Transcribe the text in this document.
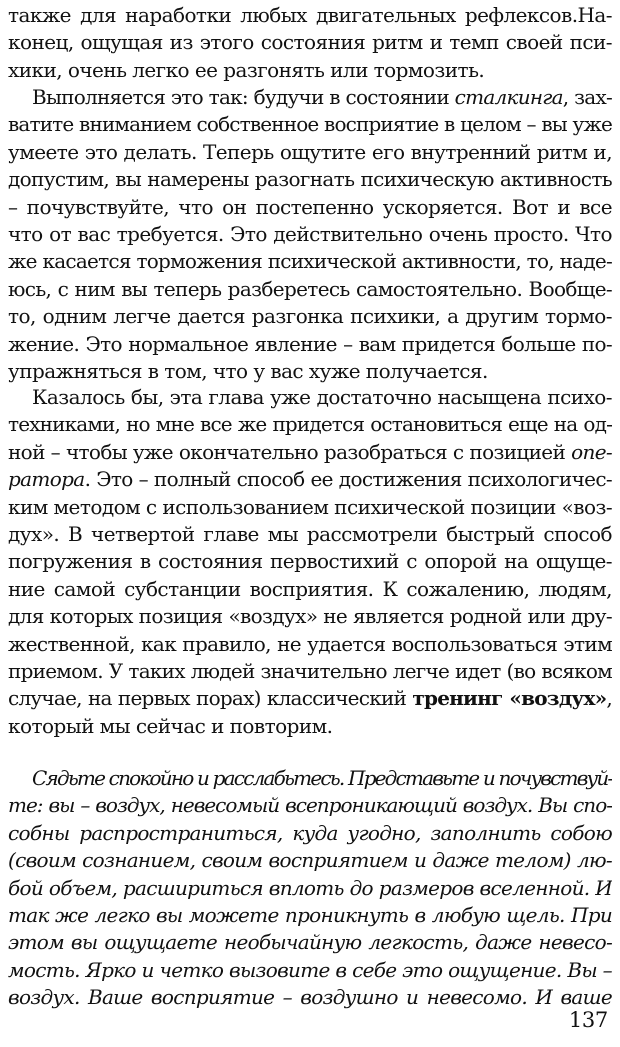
также для наработки любых двигательных рефлексов.На-
конец, ощущая из этого состояния ритм и темп своей пси-
хики, очень легко ее разгонять или тормозить.
Выполняется это так: будучи в состоянии сталкинга, зах-
ватите вниманием собственное восприятие в целом – вы уже
умеете это делать. Теперь ощутите его внутренний ритм и,
допустим, вы намерены разогнать психическую активность
– почувствуйте, что он постепенно ускоряется. Вот и все
что от вас требуется. Это действительно очень просто. Что
же касается торможения психической активности, то, наде-
юсь, с ним вы теперь разберетесь самостоятельно. Вообще-
то, одним легче дается разгонка психики, а другим тормо-
жение. Это нормальное явление – вам придется больше по-
упражняться в том, что у вас хуже получается.
Казалось бы, эта глава уже достаточно насыщена психо-
техниками, но мне все же придется остановиться еще на од-
ной – чтобы уже окончательно разобраться с позицией опе-
ратора. Это – полный способ ее достижения психологичес-
ким методом с использованием психической позиции «воз-
дух». В четвертой главе мы рассмотрели быстрый способ
погружения в состояния первостихий с опорой на ощуще-
ние самой субстанции восприятия. К сожалению, людям,
для которых позиция «воздух» не является родной или дру-
жественной, как правило, не удается воспользоваться этим
приемом. У таких людей значительно легче идет (во всяком
случае, на первых порах) классический тренинг «воздух»,
который мы сейчас и повторим.
Сядьте спокойно и расслабьтесь. Представьте и почувствуй-
те: вы – воздух, невесомый всепроникающий воздух. Вы спо-
собны распространиться, куда угодно, заполнить собою
(своим сознанием, своим восприятием и даже телом) лю-
бой объем, расшириться вплоть до размеров вселенной. И
так же легко вы можете проникнуть в любую щель. При
этом вы ощущаете необычайную легкость, даже невесо-
мость. Ярко и четко вызовите в себе это ощущение. Вы –
воздух. Ваше восприятие – воздушно и невесомо. И ваше
137
